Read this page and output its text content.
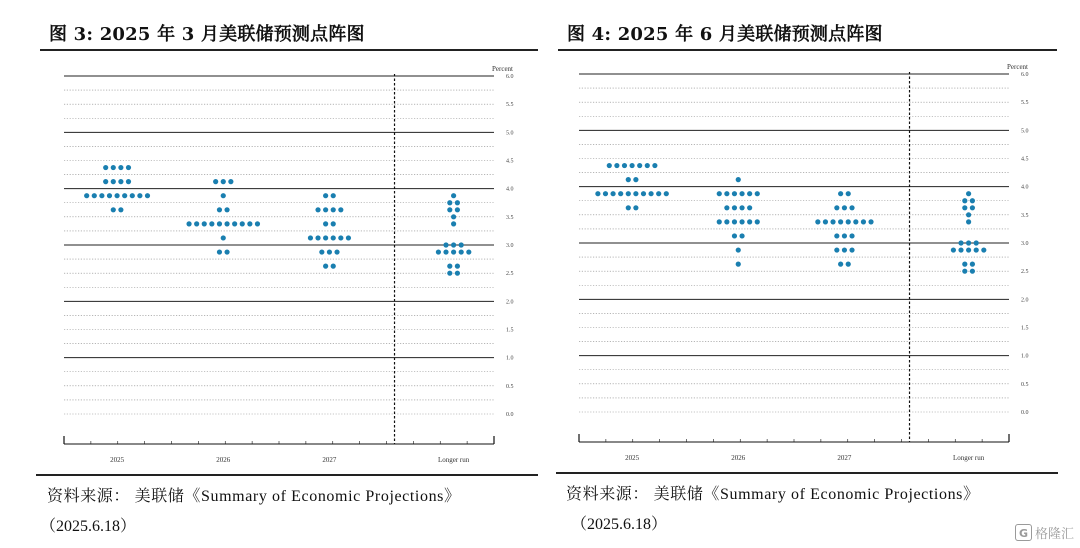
图 3: 2025 年 3 月美联储预测点阵图
0.0
0.5
1.0
1.5
2.0
2.5
3.0
3.5
4.0
4.5
5.0
5.5
6.0
Percent
2025	2026	2027	Longer run
资料来源： 美联储《Summary of Economic Projections》
（2025.6.18）
图 4: 2025 年 6 月美联储预测点阵图
0.0
0.5
1.0
1.5
2.0
2.5
3.0
3.5
4.0
4.5
5.0
5.5
6.0
Percent
2025	2026	2027	Longer run
资料来源： 美联储《Summary of Economic Projections》
（2025.6.18）
G 格隆汇
